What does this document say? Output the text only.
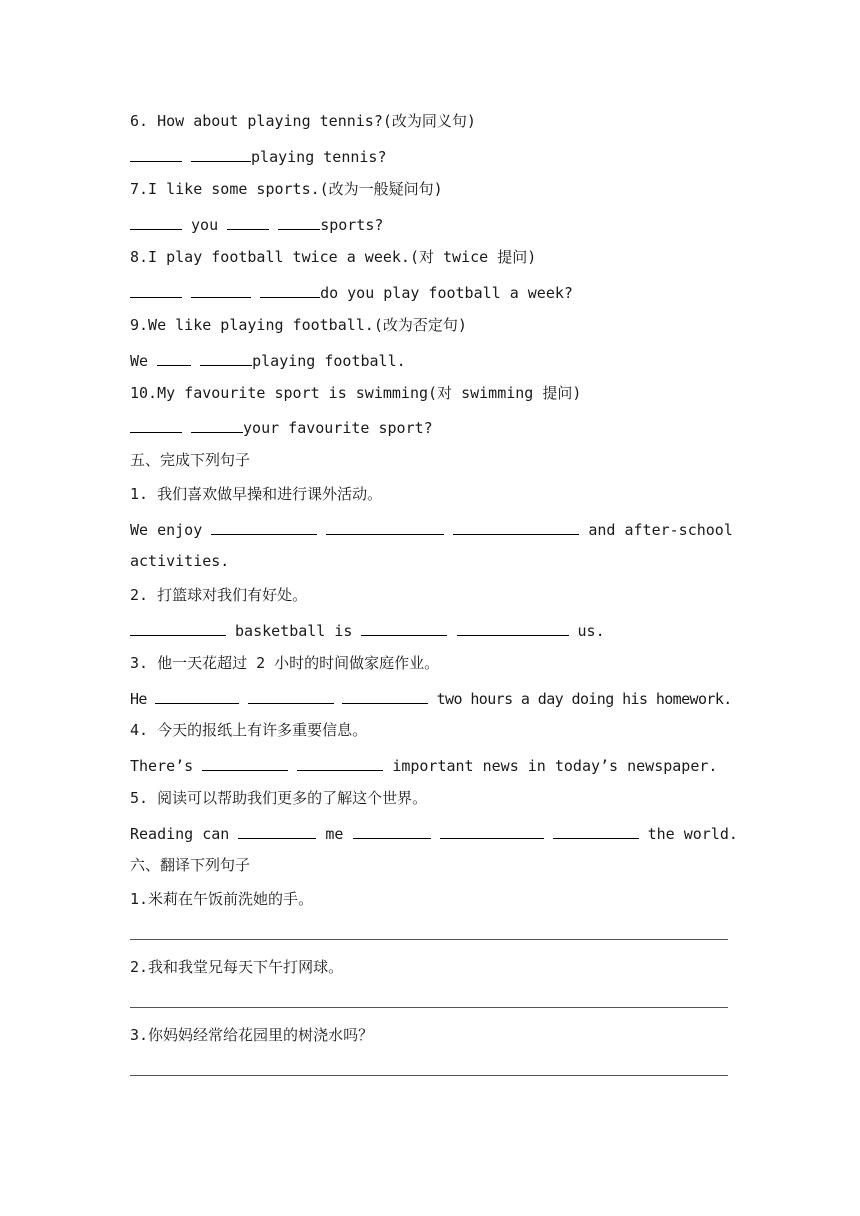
6. How about playing tennis?(改为同义句)
playing tennis?
7.I like some sports.(改为一般疑问句)
you	sports?
8.I play football twice a week.(对 twice 提问)
do you play football a week?
9.We like playing football.(改为否定句)
We	playing football.
10.My favourite sport is swimming(对 swimming 提问)
your favourite sport?
五、完成下列句子
1. 我们喜欢做早操和进行课外活动。
We enjoy	and after-school
activities.
2. 打篮球对我们有好处。
basketball is	us.
3. 他一天花超过 2 小时的时间做家庭作业。
He	two hours a day doing his homework.
4. 今天的报纸上有许多重要信息。
There’s	important news in today’s newspaper.
5. 阅读可以帮助我们更多的了解这个世界。
Reading can	me	the world.
六、翻译下列句子
1.米莉在午饭前洗她的手。
2.我和我堂兄每天下午打网球。
3.你妈妈经常给花园里的树浇水吗？
